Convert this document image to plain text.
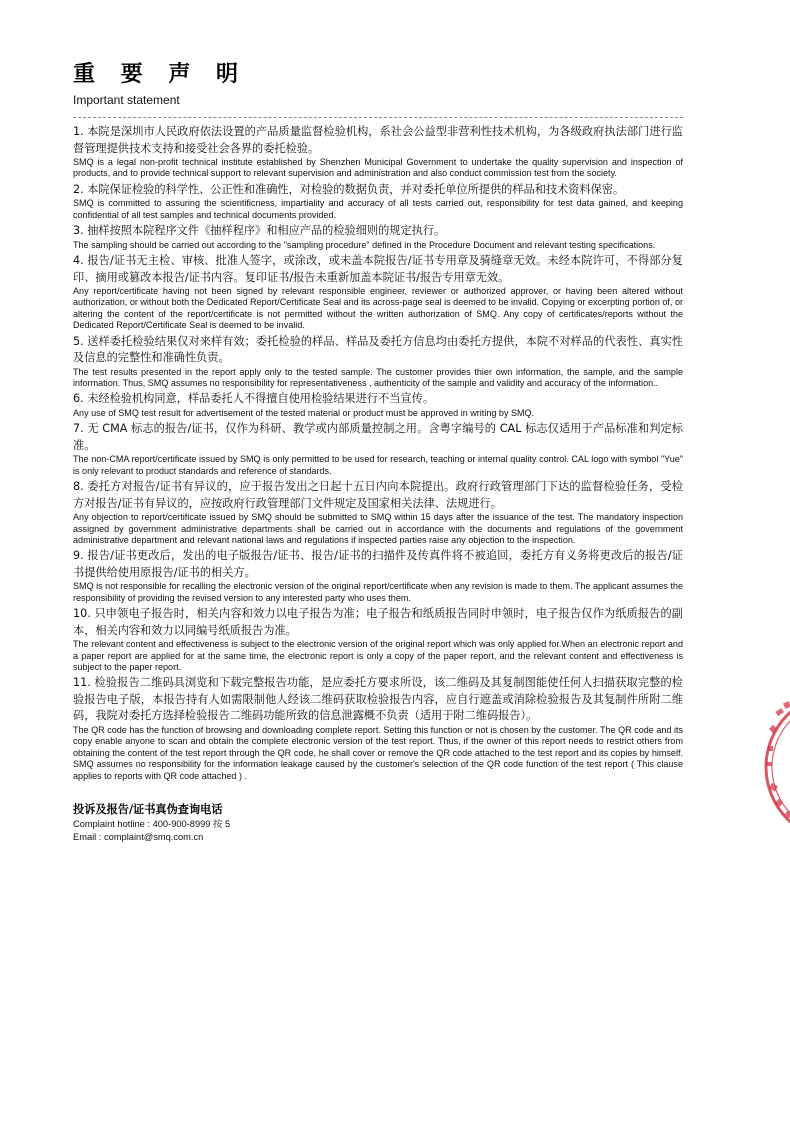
重 要 声 明

Important statement

1. 本院是深圳市人民政府依法设置的产品质量监督检验机构，系社会公益型非营利性技术机构，为各级政府执法部门进行监督管理提供技术支持和接受社会各界的委托检验。

SMQ is a legal non-profit technical institute established by Shenzhen Municipal Government to undertake the quality supervision and inspection of products, and to provide technical support to relevant supervision and administration and also conduct commission test from the society.

2. 本院保证检验的科学性、公正性和准确性，对检验的数据负责，并对委托单位所提供的样品和技术资料保密。

SMQ is committed to assuring the scientificness, impartiality and accuracy of all tests carried out, responsibility for test data gained, and keeping confidential of all test samples and technical documents provided.

3. 抽样按照本院程序文件《抽样程序》和相应产品的检验细则的规定执行。

The sampling should be carried out according to the "sampling procedure" defined in the Procedure Document and relevant testing specifications.

4. 报告/证书无主检、审核、批准人签字，或涂改，或未盖本院报告/证书专用章及骑缝章无效。未经本院许可，不得部分复印、摘用或篡改本报告/证书内容。复印证书/报告未重新加盖本院证书/报告专用章无效。

Any report/certificate having not been signed by relevant responsible engineer, reviewer or authorized approver, or having been altered without authorization, or without both the Dedicated Report/Certificate Seal and its across-page seal is deemed to be invalid. Copying or excerpting portion of, or altering the content of the report/certificate is not permitted without the written authorization of SMQ. Any copy of certificates/reports without the Dedicated Report/Certificate Seal is deemed to be invalid.

5. 送样委托检验结果仅对来样有效；委托检验的样品、样品及委托方信息均由委托方提供，本院不对样品的代表性、真实性及信息的完整性和准确性负责。

The test results presented in the report apply only to the tested sample. The customer provides thier own information, the sample, and the sample information. Thus, SMQ assumes no responsibility for representativeness , authenticity of the sample and validity and accuracy of the information..

6. 未经检验机构同意，样品委托人不得擅自使用检验结果进行不当宣传。

Any use of SMQ test result for advertisement of the tested material or product must be approved in writing by SMQ.

7. 无 CMA 标志的报告/证书，仅作为科研、教学或内部质量控制之用。含粤字编号的 CAL 标志仅适用于产品标准和判定标准。

The non-CMA report/certificate issued by SMQ is only permitted to be used for research, teaching or internal quality control. CAL logo with symbol "Yue" is only relevant to product standards and reference of standards.

8. 委托方对报告/证书有异议的，应于报告发出之日起十五日内向本院提出。政府行政管理部门下达的监督检验任务，受检方对报告/证书有异议的，应按政府行政管理部门文件规定及国家相关法律、法规进行。

Any objection to report/certificate issued by SMQ should be submitted to SMQ within 15 days after the issuance of the test. The mandatory inspection assigned by government administrative departments shall be carried out in accordance with the documents and regulations of the government administrative department and relevant national laws and regulations if inspected parties raise any objection to the inspection.

9. 报告/证书更改后，发出的电子版报告/证书、报告/证书的扫描件及传真件将不被追回，委托方有义务将更改后的报告/证书提供给使用原报告/证书的相关方。

SMQ is not responsible for recalling the electronic version of the original report/certificate when any revision is made to them. The applicant assumes the responsibility of providing the revised version to any interested party who uses them.

10. 只申领电子报告时，相关内容和效力以电子报告为准；电子报告和纸质报告同时申领时，电子报告仅作为纸质报告的副本，相关内容和效力以同编号纸质报告为准。

The relevant content and effectiveness is subject to the electronic version of the original report which was only applied for.When an electronic report and a paper report are applied for at the same time, the electronic report is only a copy of the paper report, and the relevant content and effectiveness is subject to the paper report.

11. 检验报告二维码具浏览和下载完整报告功能，是应委托方要求所设，该二维码及其复制图能使任何人扫描获取完整的检验报告电子版，本报告持有人如需限制他人经该二维码获取检验报告内容，应自行遮盖或消除检验报告及其复制件所附二维码，我院对委托方选择检验报告二维码功能所致的信息泄露概不负责（适用于附二维码报告）。

The QR code has the function of browsing and downloading complete report. Setting this function or not is chosen by the customer. The QR code and its copy enable anyone to scan and obtain the complete electronic version of the test report. Thus, if the owner of this report needs to restrict others from obtaining the content of the test report through the QR code, he shall cover or remove the QR code attached to the test report and its copies by himself. SMQ assumes no responsibility for the information leakage caused by the customer's selection of the QR code function of the test report ( This clause applies to reports with QR code attached ) .

投诉及报告/证书真伪查询电话

Complaint hotline : 400-900-8999 按 5

Email : complaint@smq.com.cn
